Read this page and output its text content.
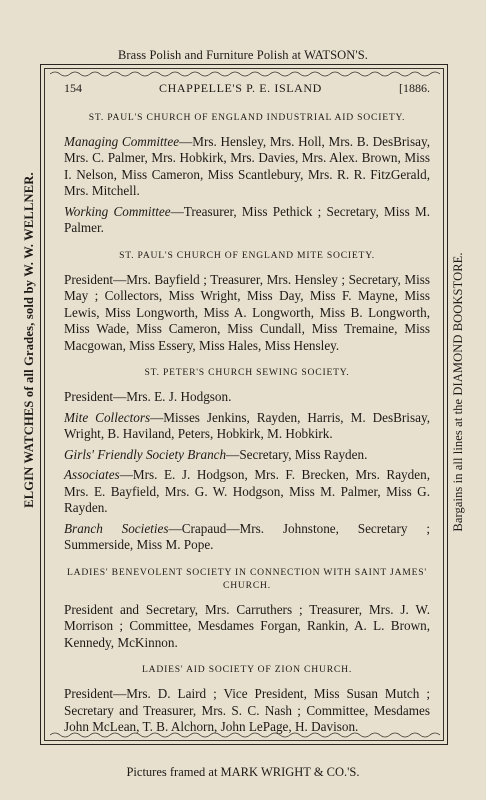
Brass Polish and Furniture Polish at WATSON'S.
Pictures framed at MARK WRIGHT & CO.'S.
ELGIN WATCHES of all Grades, sold by W. W. WELLNER.	Bargains in all lines at the DIAMOND BOOKSTORE.
154	CHAPPELLE'S P. E. ISLAND	[1886.
ST. PAUL'S CHURCH OF ENGLAND INDUSTRIAL AID SOCIETY.

Managing Committee—Mrs. Hensley, Mrs. Holl, Mrs. B. DesBrisay, Mrs. C. Palmer, Mrs. Hobkirk, Mrs. Davies, Mrs. Alex. Brown, Miss I. Nelson, Miss Cameron, Miss Scantlebury, Mrs. R. R. FitzGerald, Mrs. Mitchell.

Working Committee—Treasurer, Miss Pethick ; Secretary, Miss M. Palmer.

ST. PAUL'S CHURCH OF ENGLAND MITE SOCIETY.

President—Mrs. Bayfield ; Treasurer, Mrs. Hensley ; Secretary, Miss May ; Collectors, Miss Wright, Miss Day, Miss F. Mayne, Miss Lewis, Miss Longworth, Miss A. Longworth, Miss B. Longworth, Miss Wade, Miss Cameron, Miss Cundall, Miss Tremaine, Miss Macgowan, Miss Essery, Miss Hales, Miss Hensley.

ST. PETER'S CHURCH SEWING SOCIETY.

President—Mrs. E. J. Hodgson.

Mite Collectors—Misses Jenkins, Rayden, Harris, M. DesBrisay, Wright, B. Haviland, Peters, Hobkirk, M. Hobkirk.

Girls' Friendly Society Branch—Secretary, Miss Rayden.

Associates—Mrs. E. J. Hodgson, Mrs. F. Brecken, Mrs. Rayden, Mrs. E. Bayfield, Mrs. G. W. Hodgson, Miss M. Palmer, Miss G. Rayden.

Branch Societies—Crapaud—Mrs. Johnstone, Secretary ; Summerside, Miss M. Pope.

LADIES' BENEVOLENT SOCIETY IN CONNECTION WITH SAINT JAMES' CHURCH.

President and Secretary, Mrs. Carruthers ; Treasurer, Mrs. J. W. Morrison ; Committee, Mesdames Forgan, Rankin, A. L. Brown, Kennedy, McKinnon.

LADIES' AID SOCIETY OF ZION CHURCH.

President—Mrs. D. Laird ; Vice President, Miss Susan Mutch ; Secretary and Treasurer, Mrs. S. C. Nash ; Committee, Mesdames John McLean, T. B. Alchorn, John LePage, H. Davison.
